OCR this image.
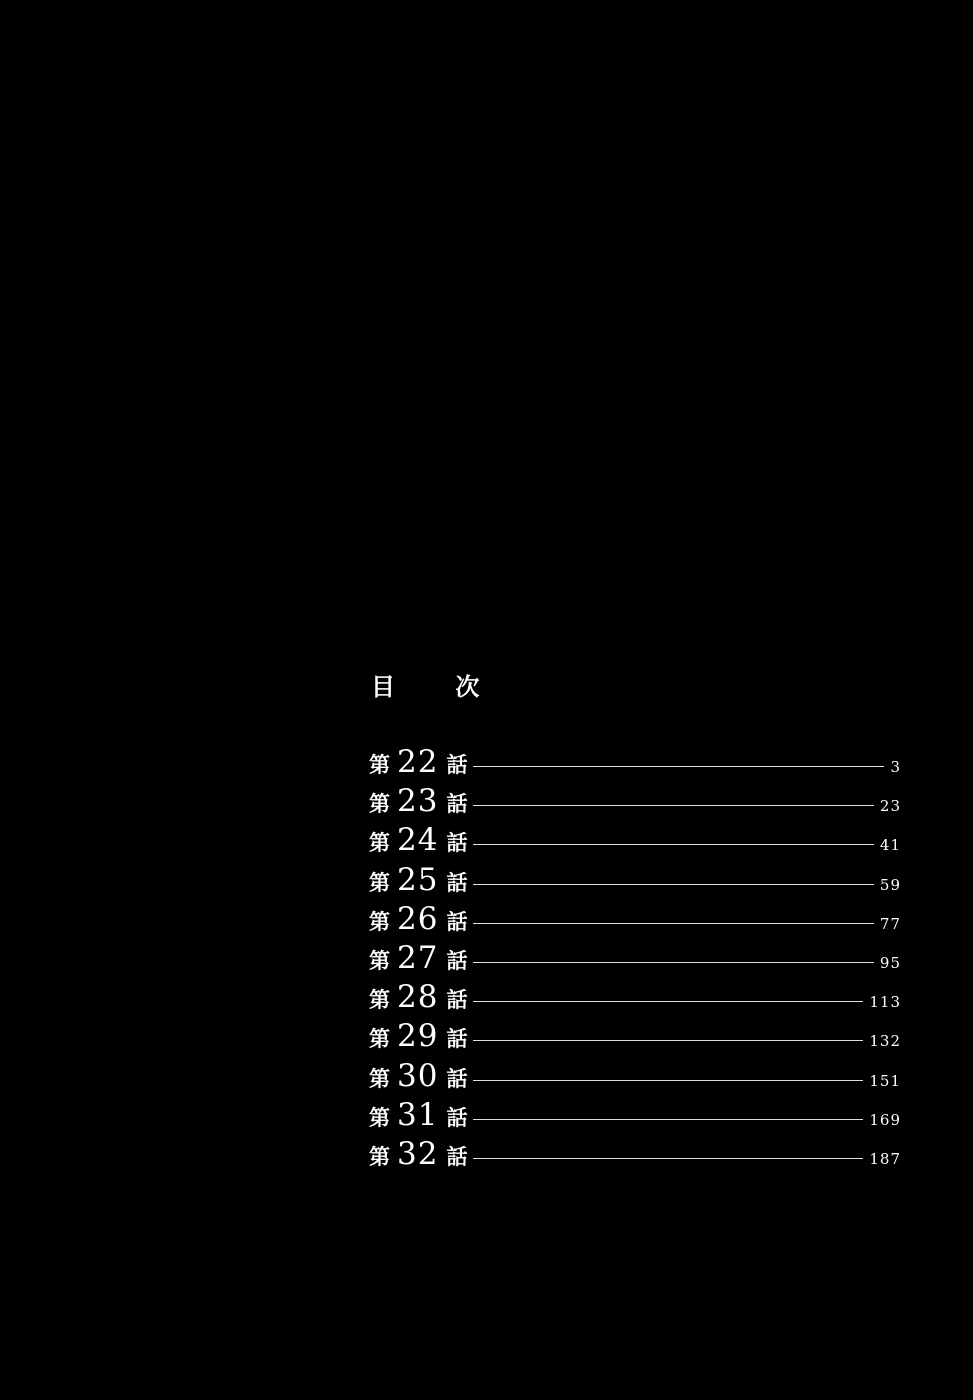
目 次
第 22 話	3
第 23 話	23
第 24 話	41
第 25 話	59
第 26 話	77
第 27 話	95
第 28 話	113
第 29 話	132
第 30 話	151
第 31 話	169
第 32 話	187
